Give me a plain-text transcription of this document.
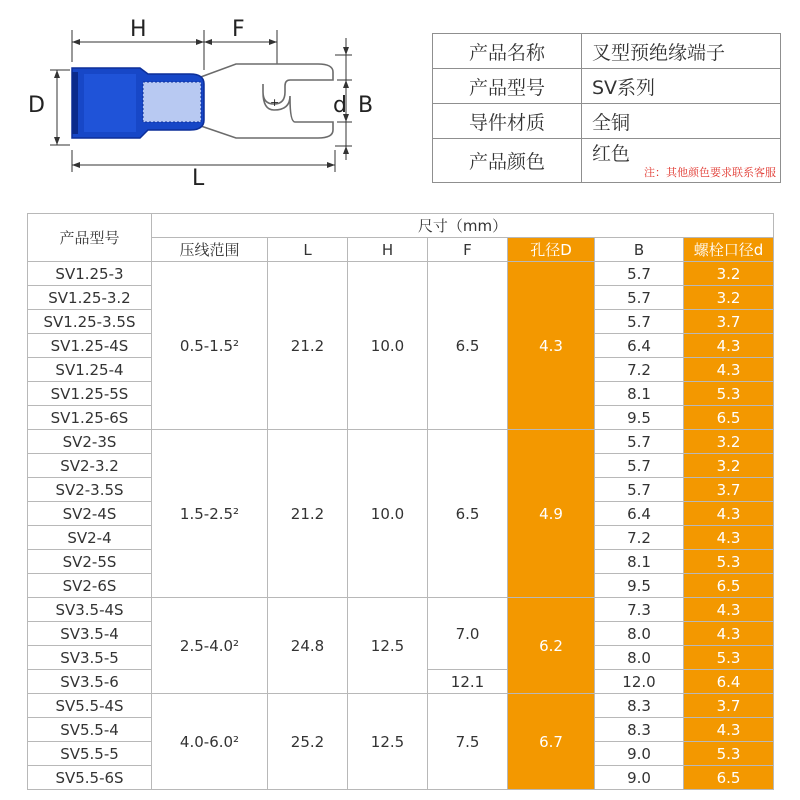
+
H	F
D	d B
L
产品名称	叉型预绝缘端子
产品型号	SV系列
导件材质	全铜
产品颜色	红色
注：其他颜色要求联系客服
产品型号	尺寸（mm）						
	压线范围	L	H	F	孔径D	B	螺栓口径d
SV1.25-3	0.5-1.5²	21.2	10.0	6.5	4.3	5.7	3.2
SV1.25-3.2						5.7	3.2
SV1.25-3.5S						5.7	3.7
SV1.25-4S						6.4	4.3
SV1.25-4						7.2	4.3
SV1.25-5S						8.1	5.3
SV1.25-6S						9.5	6.5
SV2-3S	1.5-2.5²	21.2	10.0	6.5	4.9	5.7	3.2
SV2-3.2						5.7	3.2
SV2-3.5S						5.7	3.7
SV2-4S						6.4	4.3
SV2-4						7.2	4.3
SV2-5S						8.1	5.3
SV2-6S						9.5	6.5
SV3.5-4S	2.5-4.0²	24.8	12.5	7.0	6.2	7.3	4.3
SV3.5-4						8.0	4.3
SV3.5-5						8.0	5.3
SV3.5-6				12.1		12.0	6.4
SV5.5-4S	4.0-6.0²	25.2	12.5	7.5	6.7	8.3	3.7
SV5.5-4						8.3	4.3
SV5.5-5						9.0	5.3
SV5.5-6S						9.0	6.5
